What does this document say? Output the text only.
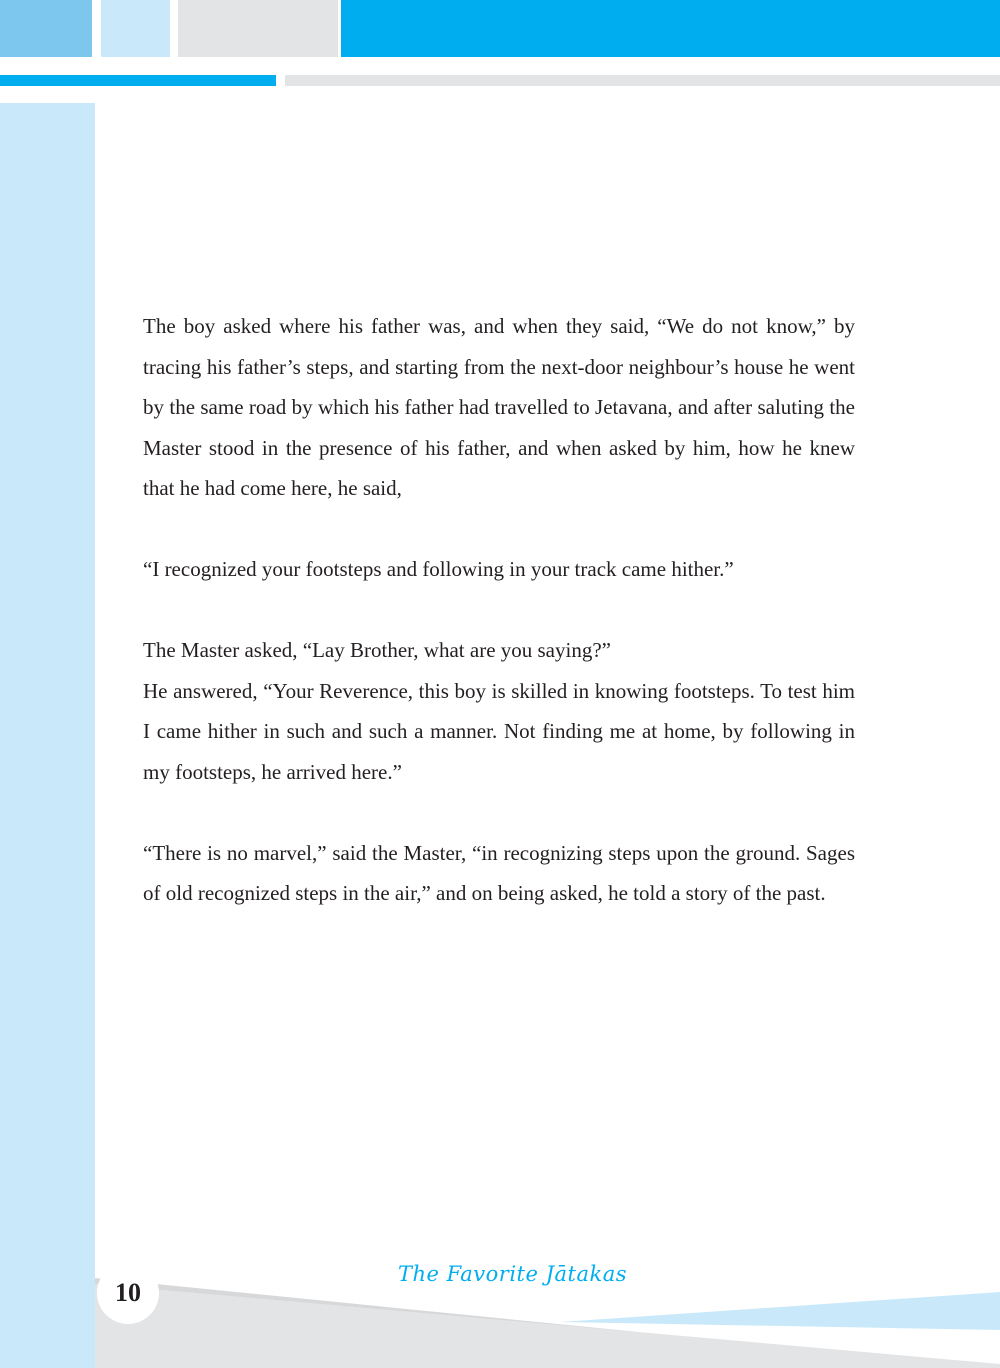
The boy asked where his father was, and when they said, “We do not know,” by tracing his father’s steps, and starting from the next-door neighbour’s house he went by the same road by which his father had travelled to Jetavana, and after saluting the Master stood in the presence of his father, and when asked by him, how he knew that he had come here, he said,

“I recognized your footsteps and following in your track came hither.”

The Master asked, “Lay Brother, what are you saying?”

He answered, “Your Reverence, this boy is skilled in knowing footsteps. To test him I came hither in such and such a manner. Not finding me at home, by following in my footsteps, he arrived here.”

“There is no marvel,” said the Master, “in recognizing steps upon the ground. Sages of old recognized steps in the air,” and on being asked, he told a story of the past.

10
The Favorite Jātakas
